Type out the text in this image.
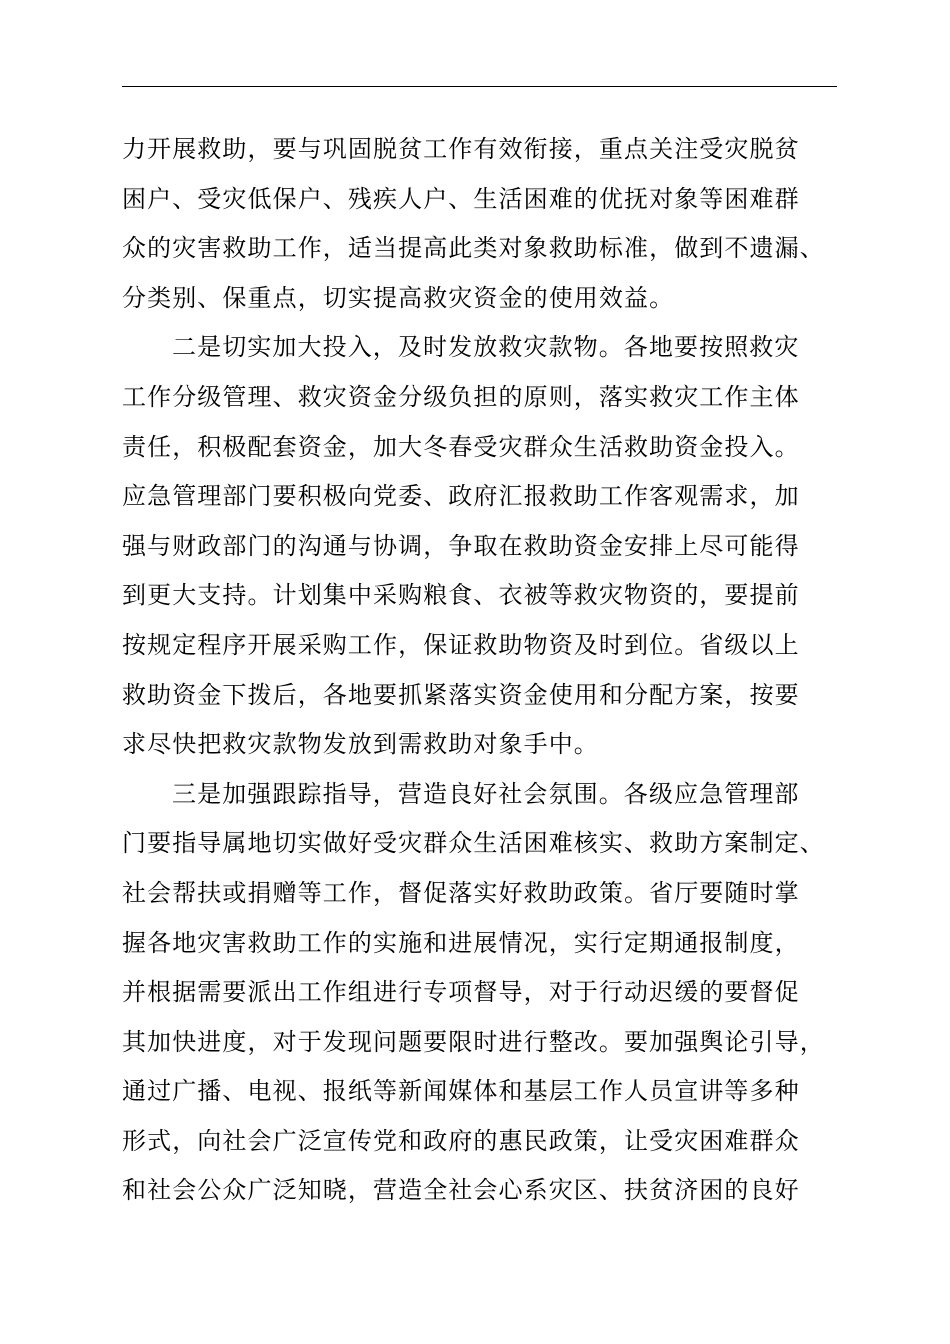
力开展救助，要与巩固脱贫工作有效衔接，重点关注受灾脱贫
困户、受灾低保户、残疾人户、生活困难的优抚对象等困难群
众的灾害救助工作，适当提高此类对象救助标准，做到不遗漏、
分类别、保重点，切实提高救灾资金的使用效益。
二是切实加大投入，及时发放救灾款物。各地要按照救灾
工作分级管理、救灾资金分级负担的原则，落实救灾工作主体
责任，积极配套资金，加大冬春受灾群众生活救助资金投入。
应急管理部门要积极向党委、政府汇报救助工作客观需求，加
强与财政部门的沟通与协调，争取在救助资金安排上尽可能得
到更大支持。计划集中采购粮食、衣被等救灾物资的，要提前
按规定程序开展采购工作，保证救助物资及时到位。省级以上
救助资金下拨后，各地要抓紧落实资金使用和分配方案，按要
求尽快把救灾款物发放到需救助对象手中。
三是加强跟踪指导，营造良好社会氛围。各级应急管理部
门要指导属地切实做好受灾群众生活困难核实、救助方案制定、
社会帮扶或捐赠等工作，督促落实好救助政策。省厅要随时掌
握各地灾害救助工作的实施和进展情况，实行定期通报制度，
并根据需要派出工作组进行专项督导，对于行动迟缓的要督促
其加快进度，对于发现问题要限时进行整改。要加强舆论引导，
通过广播、电视、报纸等新闻媒体和基层工作人员宣讲等多种
形式，向社会广泛宣传党和政府的惠民政策，让受灾困难群众
和社会公众广泛知晓，营造全社会心系灾区、扶贫济困的良好
